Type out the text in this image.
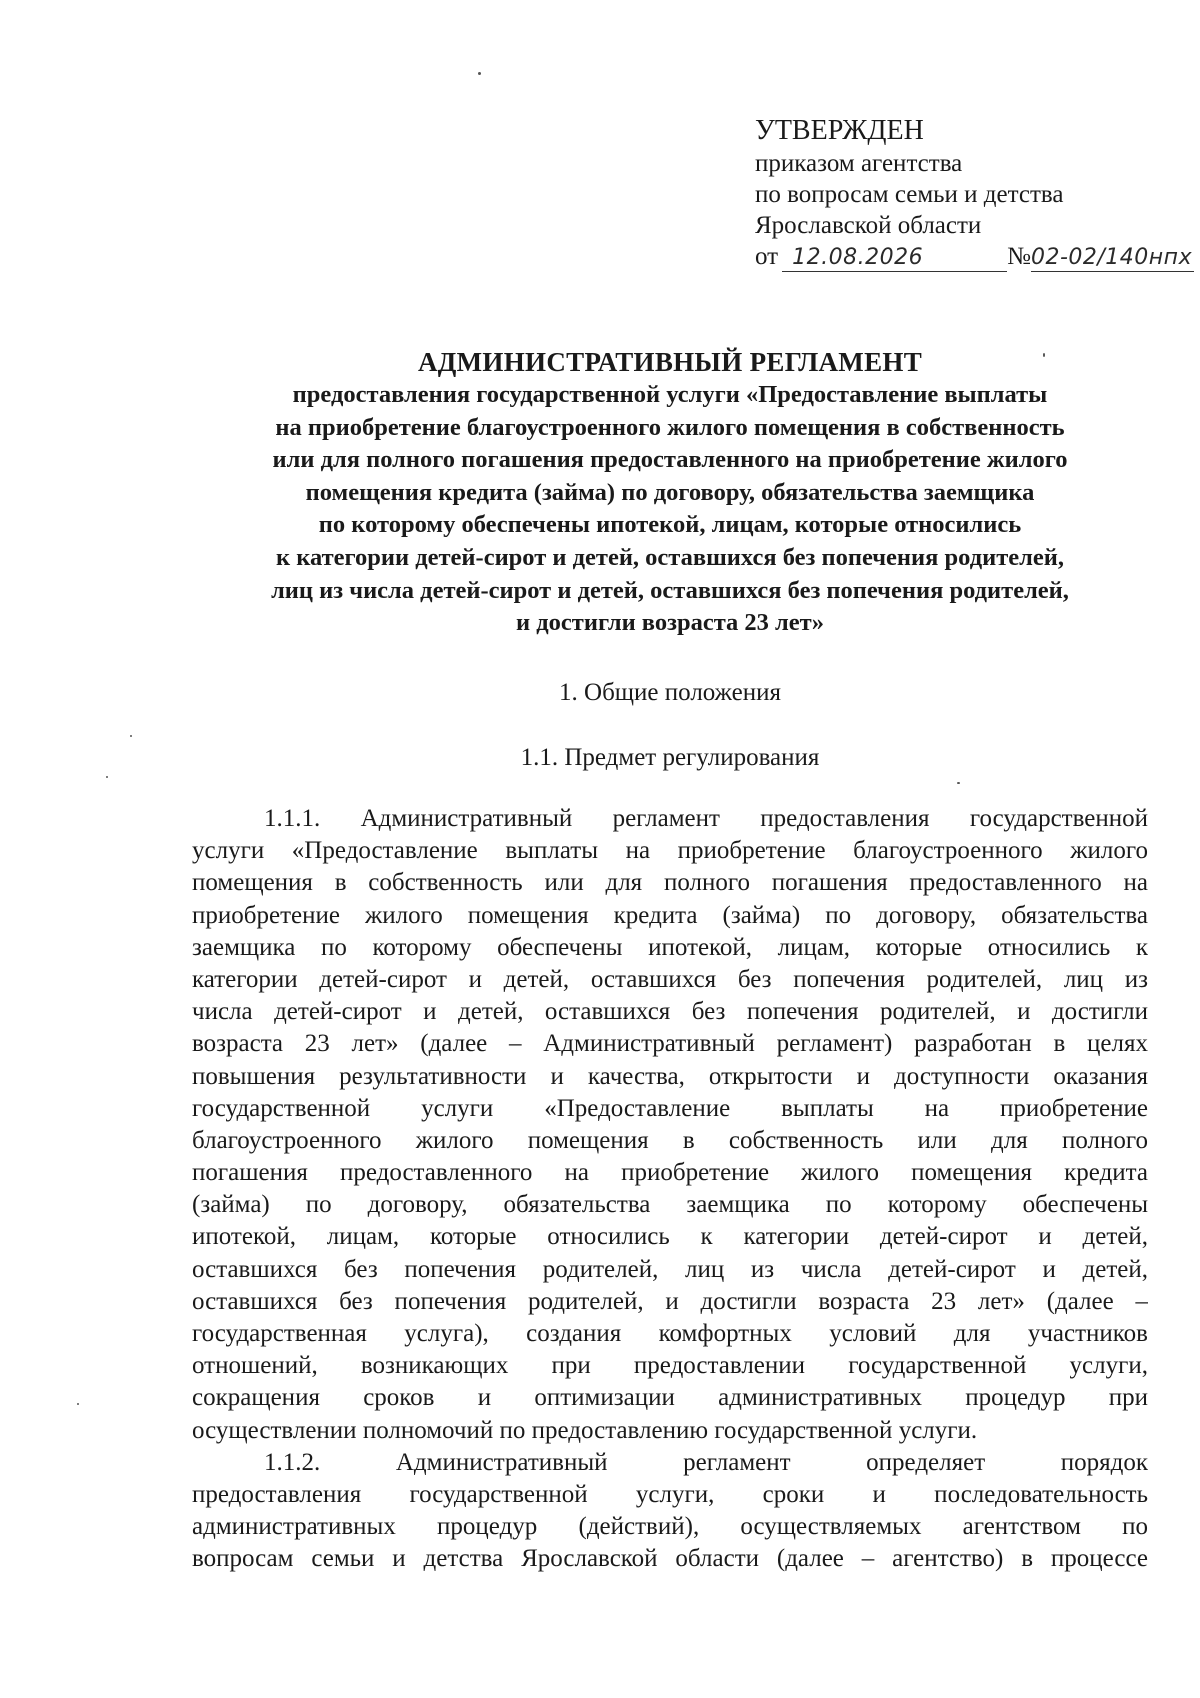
УТВЕРЖДЕН
приказом агентства
по вопросам семьи и детства
Ярославской области
от 12.08.2026	№02-02/140нпх
АДМИНИСТРАТИВНЫЙ РЕГЛАМЕНТ
предоставления государственной услуги «Предоставление выплаты
на приобретение благоустроенного жилого помещения в собственность
или для полного погашения предоставленного на приобретение жилого
помещения кредита (займа) по договору, обязательства заемщика
по которому обеспечены ипотекой, лицам, которые относились
к категории детей-сирот и детей, оставшихся без попечения родителей,
лиц из числа детей-сирот и детей, оставшихся без попечения родителей,
и достигли возраста 23 лет»
1. Общие положения
1.1. Предмет регулирования
1.1.1. Административный регламент предоставления государственной
услуги «Предоставление выплаты на приобретение благоустроенного жилого
помещения в собственность или для полного погашения предоставленного на
приобретение жилого помещения кредита (займа) по договору, обязательства
заемщика по которому обеспечены ипотекой, лицам, которые относились к
категории детей-сирот и детей, оставшихся без попечения родителей, лиц из
числа детей-сирот и детей, оставшихся без попечения родителей, и достигли
возраста 23 лет» (далее – Административный регламент) разработан в целях
повышения результативности и качества, открытости и доступности оказания
государственной услуги «Предоставление выплаты на приобретение
благоустроенного жилого помещения в собственность или для полного
погашения предоставленного на приобретение жилого помещения кредита
(займа) по договору, обязательства заемщика по которому обеспечены
ипотекой, лицам, которые относились к категории детей-сирот и детей,
оставшихся без попечения родителей, лиц из числа детей-сирот и детей,
оставшихся без попечения родителей, и достигли возраста 23 лет» (далее –
государственная услуга), создания комфортных условий для участников
отношений, возникающих при предоставлении государственной услуги,
сокращения сроков и оптимизации административных процедур при
осуществлении полномочий по предоставлению государственной услуги.
1.1.2. Административный регламент определяет порядок
предоставления государственной услуги, сроки и последовательность
административных процедур (действий), осуществляемых агентством по
вопросам семьи и детства Ярославской области (далее – агентство) в процессе
